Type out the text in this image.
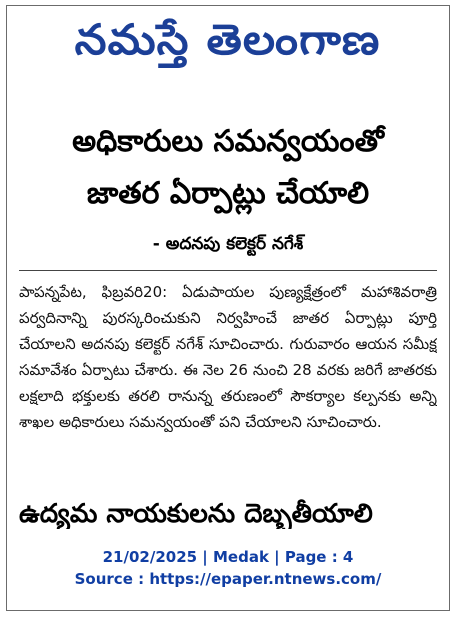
నమస్తే తెలంగాణ
అధికారులు సమన్వయంతో
జాతర ఏర్పాట్లు చేయాలి
- అదనపు కలెక్టర్ నగేశ్
పాపన్నపేట, ఫిబ్రవరి20: ఏడుపాయల పుణ్యక్షేత్రంలో మహాశివరాత్రి పర్వదినాన్ని పురస్కరించుకుని నిర్వహించే జాతర ఏర్పాట్లు పూర్తి చేయాలని అదనపు కలెక్టర్ నగేశ్ సూచించారు. గురువారం ఆయన సమీక్ష సమావేశం ఏర్పాటు చేశారు. ఈ నెల 26 నుంచి 28 వరకు జరిగే జాతరకు లక్షలాది భక్తులకు తరలి రానున్న తరుణంలో సౌకర్యాల కల్పనకు అన్ని శాఖల అధికారులు సమన్వయంతో పని చేయాలని సూచించారు.
ఉద్యమ నాయకులను దెబ్బతీయాలి
21/02/2025 | Medak | Page : 4
Source : https://epaper.ntnews.com/
